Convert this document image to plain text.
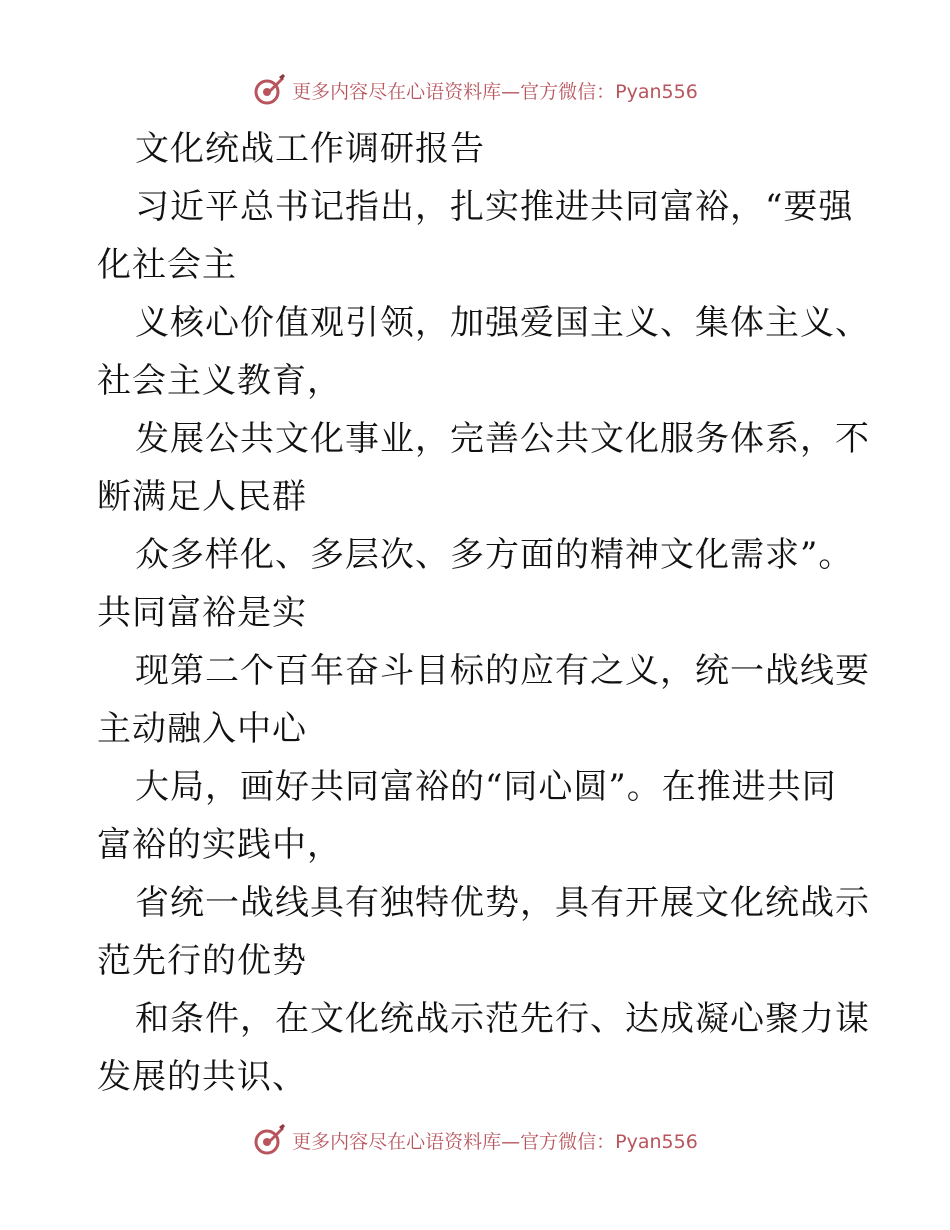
更多内容尽在心语资料库—官方微信：Pyan556
文化统战工作调研报告
习近平总书记指出，扎实推进共同富裕，“要强
化社会主
义核心价值观引领，加强爱国主义、集体主义、
社会主义教育，
发展公共文化事业，完善公共文化服务体系，不
断满足人民群
众多样化、多层次、多方面的精神文化需求”。
共同富裕是实
现第二个百年奋斗目标的应有之义，统一战线要
主动融入中心
大局，画好共同富裕的“同心圆”。在推进共同
富裕的实践中，
省统一战线具有独特优势，具有开展文化统战示
范先行的优势
和条件，在文化统战示范先行、达成凝心聚力谋
发展的共识、
更多内容尽在心语资料库—官方微信：Pyan556
